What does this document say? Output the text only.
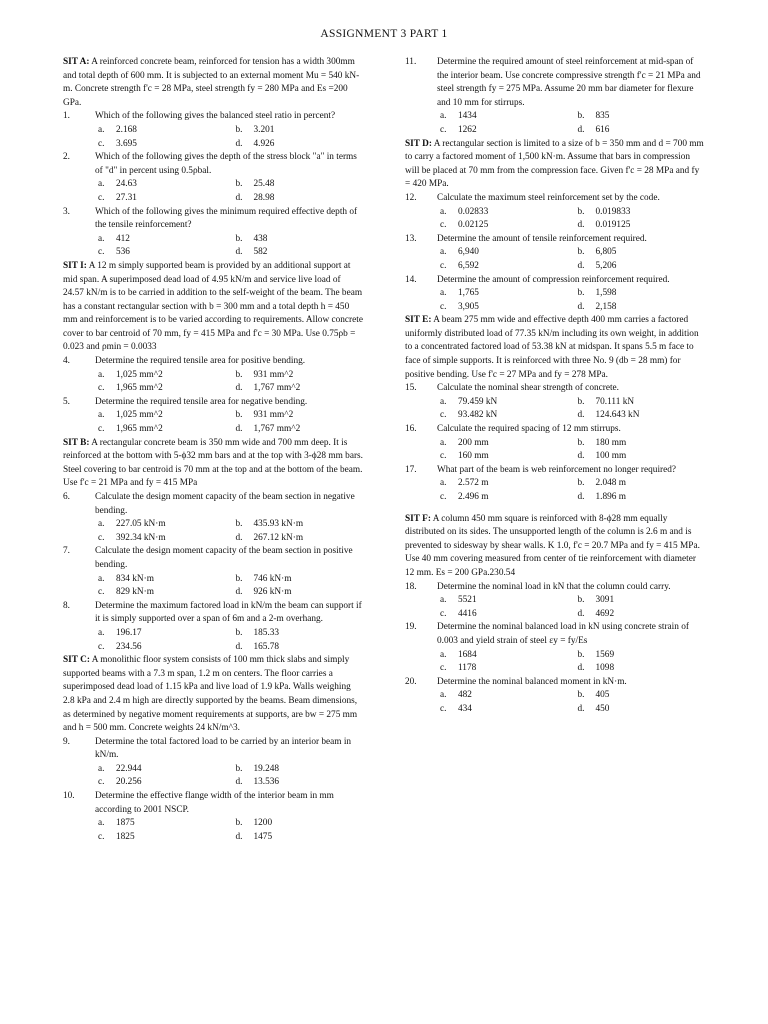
ASSIGNMENT 3 PART 1
SIT A: A reinforced concrete beam, reinforced for tension has a width 300mm and total depth of 600 mm. It is subjected to an external moment Mu = 540 kN-m. Concrete strength f'c = 28 MPa, steel strength fy = 280 MPa and Es =200 GPa.
1.	Which of the following gives the balanced steel ratio in percent?
a. 2.168	b. 3.201
c. 3.695	d. 4.926
2.	Which of the following gives the depth of the stress block "a" in terms of "d" in percent using 0.5ρbal.
a. 24.63	b. 25.48
c. 27.31	d. 28.98
3.	Which of the following gives the minimum required effective depth of the tensile reinforcement?
a. 412	b. 438
c. 536	d. 582
SIT I: A 12 m simply supported beam is provided by an additional support at mid span. A superimposed dead load of 4.95 kN/m and service live load of 24.57 kN/m is to be carried in addition to the self-weight of the beam. The beam has a constant rectangular section with b = 300 mm and a total depth h = 450 mm and reinforcement is to be varied according to requirements. Allow concrete cover to bar centroid of 70 mm, fy = 415 MPa and f'c = 30 MPa. Use 0.75ρb = 0.023 and ρmin = 0.0033
4.	Determine the required tensile area for positive bending.
a. 1,025 mm^2	b. 931 mm^2
c. 1,965 mm^2	d. 1,767 mm^2
5.	Determine the required tensile area for negative bending.
a. 1,025 mm^2	b. 931 mm^2
c. 1,965 mm^2	d. 1,767 mm^2
SIT B: A rectangular concrete beam is 350 mm wide and 700 mm deep. It is reinforced at the bottom with 5-ϕ32 mm bars and at the top with 3-ϕ28 mm bars. Steel covering to bar centroid is 70 mm at the top and at the bottom of the beam. Use f'c = 21 MPa and fy = 415 MPa
6.	Calculate the design moment capacity of the beam section in negative bending.
a. 227.05 kN·m	b. 435.93 kN·m
c. 392.34 kN·m	d. 267.12 kN·m
7.	Calculate the design moment capacity of the beam section in positive bending.
a. 834 kN·m	b. 746 kN·m
c. 829 kN·m	d. 926 kN·m
8.	Determine the maximum factored load in kN/m the beam can support if it is simply supported over a span of 6m and a 2-m overhang.
a. 196.17	b. 185.33
c. 234.56	d. 165.78
SIT C: A monolithic floor system consists of 100 mm thick slabs and simply supported beams with a 7.3 m span, 1.2 m on centers. The floor carries a superimposed dead load of 1.15 kPa and live load of 1.9 kPa. Walls weighing 2.8 kPa and 2.4 m high are directly supported by the beams. Beam dimensions, as determined by negative moment requirements at supports, are bw = 275 mm and h = 500 mm. Concrete weights 24 kN/m^3.
9.	Determine the total factored load to be carried by an interior beam in kN/m.
a. 22.944	b. 19.248
c. 20.256	d. 13.536
10. Determine the effective flange width of the interior beam in mm according to 2001 NSCP.
a. 1875	b. 1200
c. 1825	d. 1475
11. Determine the required amount of steel reinforcement at mid-span of the interior beam. Use concrete compressive strength f'c = 21 MPa and steel strength fy = 275 MPa. Assume 20 mm bar diameter for flexure and 10 mm for stirrups.
a. 1434	b. 835
c. 1262	d. 616
SIT D: A rectangular section is limited to a size of b = 350 mm and d = 700 mm to carry a factored moment of 1,500 kN·m. Assume that bars in compression will be placed at 70 mm from the compression face. Given f'c = 28 MPa and fy = 420 MPa.
12. Calculate the maximum steel reinforcement set by the code.
a. 0.02833	b. 0.019833
c. 0.02125	d. 0.019125
13. Determine the amount of tensile reinforcement required.
a. 6,940	b. 6,805
c. 6,592	d. 5,206
14. Determine the amount of compression reinforcement required.
a. 1,765	b. 1,598
c. 3,905	d. 2,158
SIT E: A beam 275 mm wide and effective depth 400 mm carries a factored uniformly distributed load of 77.35 kN/m including its own weight, in addition to a concentrated factored load of 53.38 kN at midspan. It spans 5.5 m face to face of simple supports. It is reinforced with three No. 9 (db = 28 mm) for positive bending. Use f'c = 27 MPa and fy = 278 MPa.
15. Calculate the nominal shear strength of concrete.
a. 79.459 kN	b. 70.111 kN
c. 93.482 kN	d. 124.643 kN
16. Calculate the required spacing of 12 mm stirrups.
a. 200 mm	b. 180 mm
c. 160 mm	d. 100 mm
17. What part of the beam is web reinforcement no longer required?
a. 2.572 m	b. 2.048 m
c. 2.496 m	d. 1.896 m
SIT F: A column 450 mm square is reinforced with 8-ϕ28 mm equally distributed on its sides. The unsupported length of the column is 2.6 m and is prevented to sidesway by shear walls. K 1.0, f'c = 20.7 MPa and fy = 415 MPa. Use 40 mm covering measured from center of tie reinforcement with diameter 12 mm. Es = 200 GPa.230.54
18. Determine the nominal load in kN that the column could carry.
a. 5521	b. 3091
c. 4416	d. 4692
19. Determine the nominal balanced load in kN using concrete strain of 0.003 and yield strain of steel εy = fy/Es
a. 1684	b. 1569
c. 1178	d. 1098
20. Determine the nominal balanced moment in kN·m.
a. 482	b. 405
c. 434	d. 450
